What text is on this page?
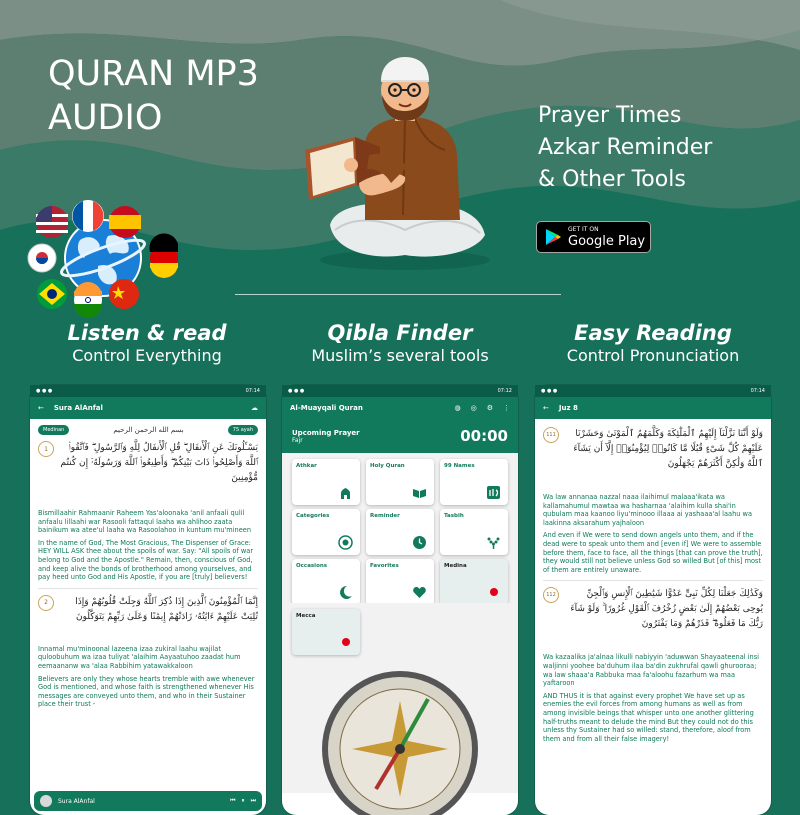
QURAN MP3
AUDIO	Prayer Times
Azkar Reminder
& Other Tools
GET IT ON
Google Play
Listen & read
Control Everything
Qibla Finder
Muslim’s several tools
Easy Reading
Control Pronunciation
● ● ●	07:14
← Sura AlAnfal	☁
Medinan	بسم الله الرحمن الرحيم	75 ayah
1	يَسْـَٔلُونَكَ عَنِ ٱلْأَنفَالِ ۖ قُلِ ٱلْأَنفَالُ لِلَّهِ وَٱلرَّسُولِ ۖ فَٱتَّقُوا۟ ٱللَّهَ وَأَصْلِحُوا۟ ذَاتَ بَيْنِكُمْ ۖ وَأَطِيعُوا۟ ٱللَّهَ وَرَسُولَهُۥٓ إِن كُنتُم مُّؤْمِنِينَ
Bismillaahir Rahmaanir Raheem Yas'aloonaka 'anil anfaali qulil anfaalu lillaahi war Rasooli fattaqul laaha wa ahlihoo zaata bainikum wa atee'ul laaha wa Rasoolahoo in kuntum mu'mineen
In the name of God, The Most Gracious, The Dispenser of Grace: HEY WILL ASK thee about the spoils of war. Say: "All spoils of war belong to God and the Apostle." Remain, then, conscious of God, and keep alive the bonds of brotherhood among yourselves, and pay heed unto God and His Apostle, if you are [truly] believers!
2	إِنَّمَا ٱلْمُؤْمِنُونَ ٱلَّذِينَ إِذَا ذُكِرَ ٱللَّهُ وَجِلَتْ قُلُوبُهُمْ وَإِذَا تُلِيَتْ عَلَيْهِمْ ءَايَٰتُهُۥ زَادَتْهُمْ إِيمَٰنًا وَعَلَىٰ رَبِّهِمْ يَتَوَكَّلُونَ
Innamal mu'minoonal lazeena izaa zukiral laahu wajilat quloobuhum wa izaa tuliyat 'alaihim Aayaatuhoo zaadat hum eemaananw wa 'alaa Rabbihim yatawakkaloon
Believers are only they whose hearts tremble with awe whenever God is mentioned, and whose faith is strengthened whenever His messages are conveyed unto them, and who in their Sustainer place their trust -
Sura AlAnfal	⏮ ⏸ ⏭
● ● ●	07:12
Al-Muayqali Quran	◍ ◎ ⚙ ⋮
Upcoming Prayer
Fajr	00:00
Athkar	Holy Quran	99 Names
Categories	Reminder	Tasbih
Occasions	Favorites	Medina
Mecca
● ● ●	07:14
← Juz 8
111	وَلَوْ أَنَّنَا نَزَّلْنَآ إِلَيْهِمُ ٱلْمَلَٰٓئِكَةَ وَكَلَّمَهُمُ ٱلْمَوْتَىٰ وَحَشَرْنَا عَلَيْهِمْ كُلَّ شَىْءٍ قُبُلًا مَّا كَانُوا۟ لِيُؤْمِنُوٓا۟ إِلَّآ أَن يَشَآءَ ٱللَّهُ وَلَٰكِنَّ أَكْثَرَهُمْ يَجْهَلُونَ
Wa law annanaa nazzal naaa ilaihimul malaaa'ikata wa kallamahumul mawtaa wa hasharnaa 'alaihim kulla shai'in qubulam maa kaanoo liyu'minooo illaaa ai yashaaa'al laahu wa laakinna aksarahum yajhaloon
And even if We were to send down angels unto them, and if the dead were to speak unto them and [even if] We were to assemble before them, face to face, all the things [that can prove the truth], they would still not believe unless God so willed But [of this] most of them are entirely unaware.
112	وَكَذَٰلِكَ جَعَلْنَا لِكُلِّ نَبِىٍّ عَدُوًّا شَيَٰطِينَ ٱلْإِنسِ وَٱلْجِنِّ يُوحِى بَعْضُهُمْ إِلَىٰ بَعْضٍ زُخْرُفَ ٱلْقَوْلِ غُرُورًا ۚ وَلَوْ شَآءَ رَبُّكَ مَا فَعَلُوهُ ۖ فَذَرْهُمْ وَمَا يَفْتَرُونَ
Wa kazaalika ja'alnaa likulli nabiyyin 'aduwwan Shayaateenal insi waljinni yoohee ba'duhum ilaa ba'din zukhrufal qawli ghurooraa; wa law shaaa'a Rabbuka maa fa'aloohu fazarhum wa maa yaftaroon
AND THUS it is that against every prophet We have set up as enemies the evil forces from among humans as well as from among invisible beings that whisper unto one another glittering half-truths meant to delude the mind But they could not do this unless thy Sustainer had so willed: stand, therefore, aloof from them and from all their false imagery!
